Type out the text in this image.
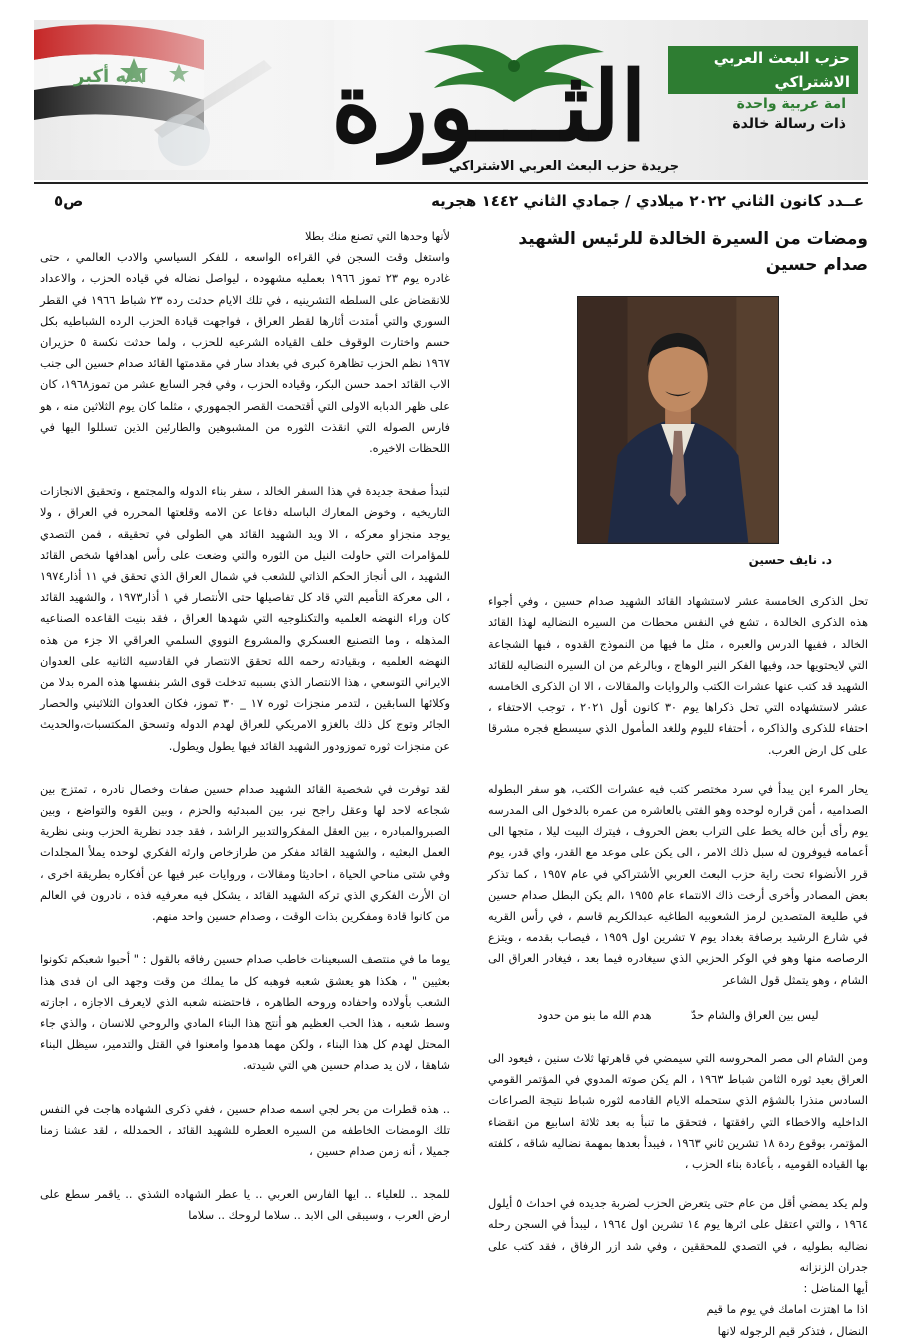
الثـــورة
جريدة حزب البعث العربي الاشتراكي
حزب البعث العربي الاشتراكي
امة عربية واحدة
ذات رسالة خالدة
ص٥	عــدد كانون الثاني ٢٠٢٢ ميلادي / جمادي الثاني ١٤٤٢ هجريه
ومضات من السيرة الخالدة للرئيس الشهيد صدام حسين
د. نايف حسين

تحل الذكرى الخامسة عشر لاستشهاد القائد الشهيد صدام حسين ، وفي أجواء هذه الذكرى الخالدة ، تشع في النفس محطات من السيره النضاليه لهذا القائد الخالد ، ففيها الدرس والعبره ، مثل ما فيها من النموذج القدوه ، فيها الشجاعة التي لايحتويها حد، وفيها الفكر النير الوهاج ، وبالرغم من ان السيره النضاليه للقائد الشهيد قد كتب عنها عشرات الكتب والروايات والمقالات ، الا ان الذكرى الخامسه عشر لاستشهاده التي تحل ذكراها يوم ٣٠ كانون أول ٢٠٢١ ، توجب الاحتفاء ، احتفاء للذكرى والذاكره ، أحتفاء لليوم وللغد المأمول الذي سيسطع فجره مشرقا على كل ارض العرب.

يحار المرء اين يبدأ في سرد مختصر كتب فيه عشرات الكتب، هو سفر البطوله الصداميه ، أمن قراره لوحده وهو الفتى بالعاشره من عمره بالدخول الى المدرسه يوم رأى أبن خاله يخط على التراب بعض الحروف ، فيترك البيت ليلا ، متجها الى أعمامه فيوفرون له سبل ذلك الامر ، الى يكن على موعد مع القدر، واي قدر، يوم قرر الأنضواء تحت راية حزب البعث العربي الأشتراكي في عام ١٩٥٧ ، كما تذكر بعض المصادر وأخرى أرخت ذاك الانتماء عام ١٩٥٥ ،الم يكن البطل صدام حسين في طليعة المتصدين لرمز الشعوبيه الطاغيه عبدالكريم قاسم ، في رأس القريه في شارع الرشيد برصافة بغداد يوم ٧ تشرين اول ١٩٥٩ ، فيصاب بقدمه ، ويتزع الرصاصه منها وهو في الوكر الحزبي الذي سيغادره فيما بعد ، فيغادر العراق الى الشام ، وهو يتمثل قول الشاعر

ليس بين العراق والشام حدّ هدم الله ما بنو من حدود

ومن الشام الى مصر المحروسه التي سيمضي في قاهرتها ثلاث سنين ، فيعود الى العراق بعيد ثوره الثامن شباط ١٩٦٣ ، الم يكن صوته المدوي في المؤتمر القومي السادس منذرا بالشؤم الذي ستحمله الايام القادمه لثوره شباط نتيجة الصراعات الداخليه والاخطاء التي رافقتها ، فتحقق ما تنبأ به بعد ثلاثة اسابيع من انقضاء المؤتمر، بوقوع ردة ١٨ تشرين ثاني ١٩٦٣ ، فيبدأ بعدها بمهمة نضاليه شاقه ، كلفته بها القياده القوميه ، بأعادة بناء الحزب ،

ولم يكد يمضي أقل من عام حتى يتعرض الحزب لضربة جديده في احداث ٥ أيلول ١٩٦٤ ، والتي اعتقل على اثرها يوم ١٤ تشرين اول ١٩٦٤ ، ليبدأ في السجن رحله نضاليه بطوليه ، في التصدي للمحققين ، وفي شد ازر الرفاق ، فقد كتب على جدران الزنزانه

أيها المناضل :

اذا ما اهتزت امامك في يوم ما قيم

النضال ، فتذكر قيم الرجوله لانها

لأنها وحدها التي تصنع منك بطلا

واستغل وقت السجن في القراءه الواسعه ، للفكر السياسي والادب العالمي ، حتى غادره يوم ٢٣ تموز ١٩٦٦ بعمليه مشهوده ، ليواصل نضاله في قياده الحزب ، والاعداد للانقضاض على السلطه التشرينيه ، في تلك الايام حدثت رده ٢٣ شباط ١٩٦٦ في القطر السوري والتي أمتدت أثارها لقطر العراق ، فواجهت قيادة الحزب الرده الشباطيه بكل حسم واختارت الوقوف خلف القياده الشرعيه للحزب ، ولما حدثت نكسة ٥ حزيران ١٩٦٧ نظم الحزب تظاهرة كبرى في بغداد سار في مقدمتها القائد صدام حسين الى جنب الاب القائد احمد حسن البكر، وقياده الحزب ، وفي فجر السابع عشر من تموز١٩٦٨، كان على ظهر الدبابه الاولى التي أقتحمت القصر الجمهوري ، مثلما كان يوم الثلاثين منه ، هو فارس الصوله التي انقذت الثوره من المشبوهين والطارئين الذين تسللوا اليها في اللحظات الاخيره.

لتبدأ صفحة جديدة في هذا السفر الخالد ، سفر بناء الدوله والمجتمع ، وتحقيق الانجازات التاريخيه ، وخوض المعارك الباسله دفاعا عن الامه وقلعتها المحرره في العراق ، ولا يوجد منجزاو معركه ، الا ويد الشهيد القائد هي الطولى في تحقيقه ، فمن التصدي للمؤامرات التي حاولت النيل من الثوره والتي وضعت على رأس اهدافها شخص القائد الشهيد ، الى أنجاز الحكم الذاتي للشعب في شمال العراق الذي تحقق في ١١ أذار١٩٧٤ ، الى معركة التأميم التي قاد كل تفاصيلها حتى الأنتصار في ١ أذار١٩٧٣ ، والشهيد القائد كان وراء النهضه العلميه والتكنلوجيه التي شهدها العراق ، فقد بنيت القاعده الصناعيه المذهله ، وما التصنيع العسكري والمشروع النووي السلمي العراقي الا جزء من هذه النهضه العلميه ، وبقيادته رحمه الله تحقق الانتصار في القادسيه الثانيه على العدوان الايراني التوسعي ، هذا الانتصار الذي بسببه تدخلت قوى الشر بنفسها هذه المره بدلا من وكلائها السابقين ، لتدمر منجزات ثوره ١٧ _ ٣٠ تموز، فكان العدوان الثلاثيني والحصار الجائر وتوج كل ذلك بالغزو الامريكي للعراق لهدم الدوله وتسحق المكتسبات،والحديث عن منجزات ثوره تموزودور الشهيد القائد فيها يطول ويطول.

لقد توفرت في شخصية القائد الشهيد صدام حسين صفات وخصال نادره ، تمتزج بين شجاعه لاحد لها وعقل راجح نير، بين المبدئيه والحزم ، وبين القوه والتواضع ، وبين الصبروالمبادره ، بين العقل المفكروالتدبير الراشد ، فقد جدد نظرية الحزب وبنى نظرية العمل البعثيه ، والشهيد القائد مفكر من طرازخاص وارثه الفكري لوحده يملأ المجلدات وفي شتى مناحي الحياة ، احاديثا ومقالات ، وروايات عبر فيها عن أفكاره بطريقة اخرى ، ان الأرث الفكري الذي تركه الشهيد القائد ، يشكل فيه معرفيه فذه ، نادرون في العالم من كانوا قادة ومفكرين بذات الوقت ، وصدام حسين واحد منهم.

يوما ما في منتصف السبعينات خاطب صدام حسين رفاقه بالقول : " أحبوا شعبكم تكونوا بعثيين " ، هكذا هو يعشق شعبه فوهبه كل ما يملك من وقت وجهد الى ان فدى هذا الشعب بأولاده واحفاده وروحه الطاهره ، فاحتضنه شعبه الذي لايعرف الاجازه ، اجازته وسط شعبه ، هذا الحب العظيم هو أنتج هذا البناء المادي والروحي للانسان ، والذي جاء المحتل لهدم كل هذا البناء ، ولكن مهما هدموا وامعنوا في القتل والتدمير، سيظل البناء شاهقا ، لان يد صدام حسين هي التي شيدته.

.. هذه قطرات من بحر لجي اسمه صدام حسين ، ففي ذكرى الشهاده هاجت في النفس تلك الومضات الخاطفه من السيره العطره للشهيد القائد ، الحمدلله ، لقد عشنا زمنا جميلا ، أنه زمن صدام حسين ،

للمجد .. للعلياء .. ايها الفارس العربي .. يا عطر الشهاده الشذي .. ياقمر سطع على ارض العرب ، وسيبقى الى الابد .. سلاما لروحك .. سلاما
